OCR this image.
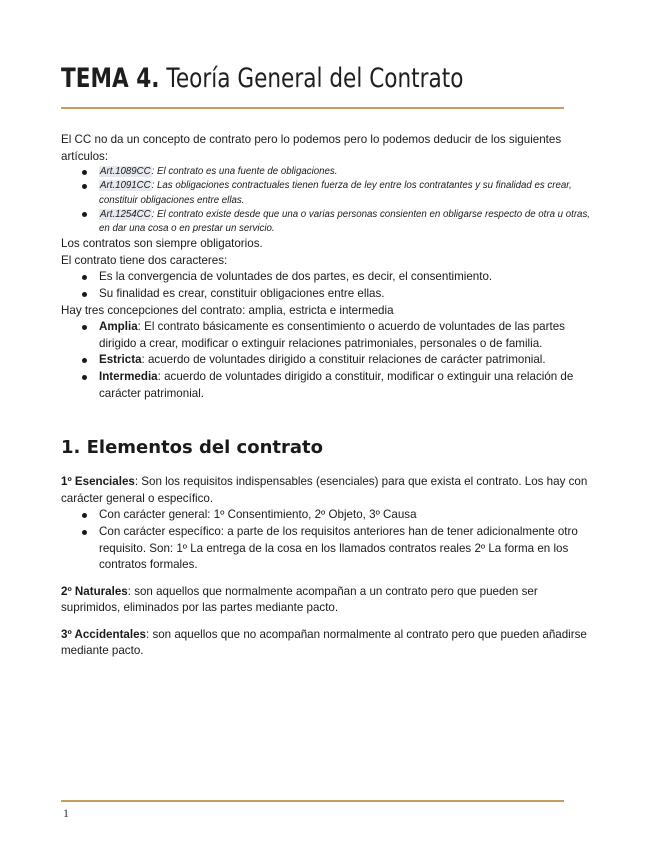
TEMA 4. Teoría General del Contrato

El CC no da un concepto de contrato pero lo podemos pero lo podemos deducir de los siguientes artículos:

Art.1089CC: El contrato es una fuente de obligaciones.
Art.1091CC: Las obligaciones contractuales tienen fuerza de ley entre los contratantes y su finalidad es crear, constituir obligaciones entre ellas.
Art.1254CC: El contrato existe desde que una o varias personas consienten en obligarse respecto de otra u otras, en dar una cosa o en prestar un servicio.

Los contratos son siempre obligatorios.

El contrato tiene dos caracteres:

Es la convergencia de voluntades de dos partes, es decir, el consentimiento.
Su finalidad es crear, constituir obligaciones entre ellas.

Hay tres concepciones del contrato: amplia, estricta e intermedia

Amplia: El contrato básicamente es consentimiento o acuerdo de voluntades de las partes dirigido a crear, modificar o extinguir relaciones patrimoniales, personales o de familia.
Estricta: acuerdo de voluntades dirigido a constituir relaciones de carácter patrimonial.
Intermedia: acuerdo de voluntades dirigido a constituir, modificar o extinguir una relación de carácter patrimonial.
1. Elementos del contrato

1º Esenciales: Son los requisitos indispensables (esenciales) para que exista el contrato. Los hay con carácter general o específico.

Con carácter general: 1º Consentimiento, 2º Objeto, 3º Causa
Con carácter específico: a parte de los requisitos anteriores han de tener adicionalmente otro requisito. Son: 1º La entrega de la cosa en los llamados contratos reales 2º La forma en los contratos formales.

2º Naturales: son aquellos que normalmente acompañan a un contrato pero que pueden ser suprimidos, eliminados por las partes mediante pacto.

3º Accidentales: son aquellos que no acompañan normalmente al contrato pero que pueden añadirse mediante pacto.

1
